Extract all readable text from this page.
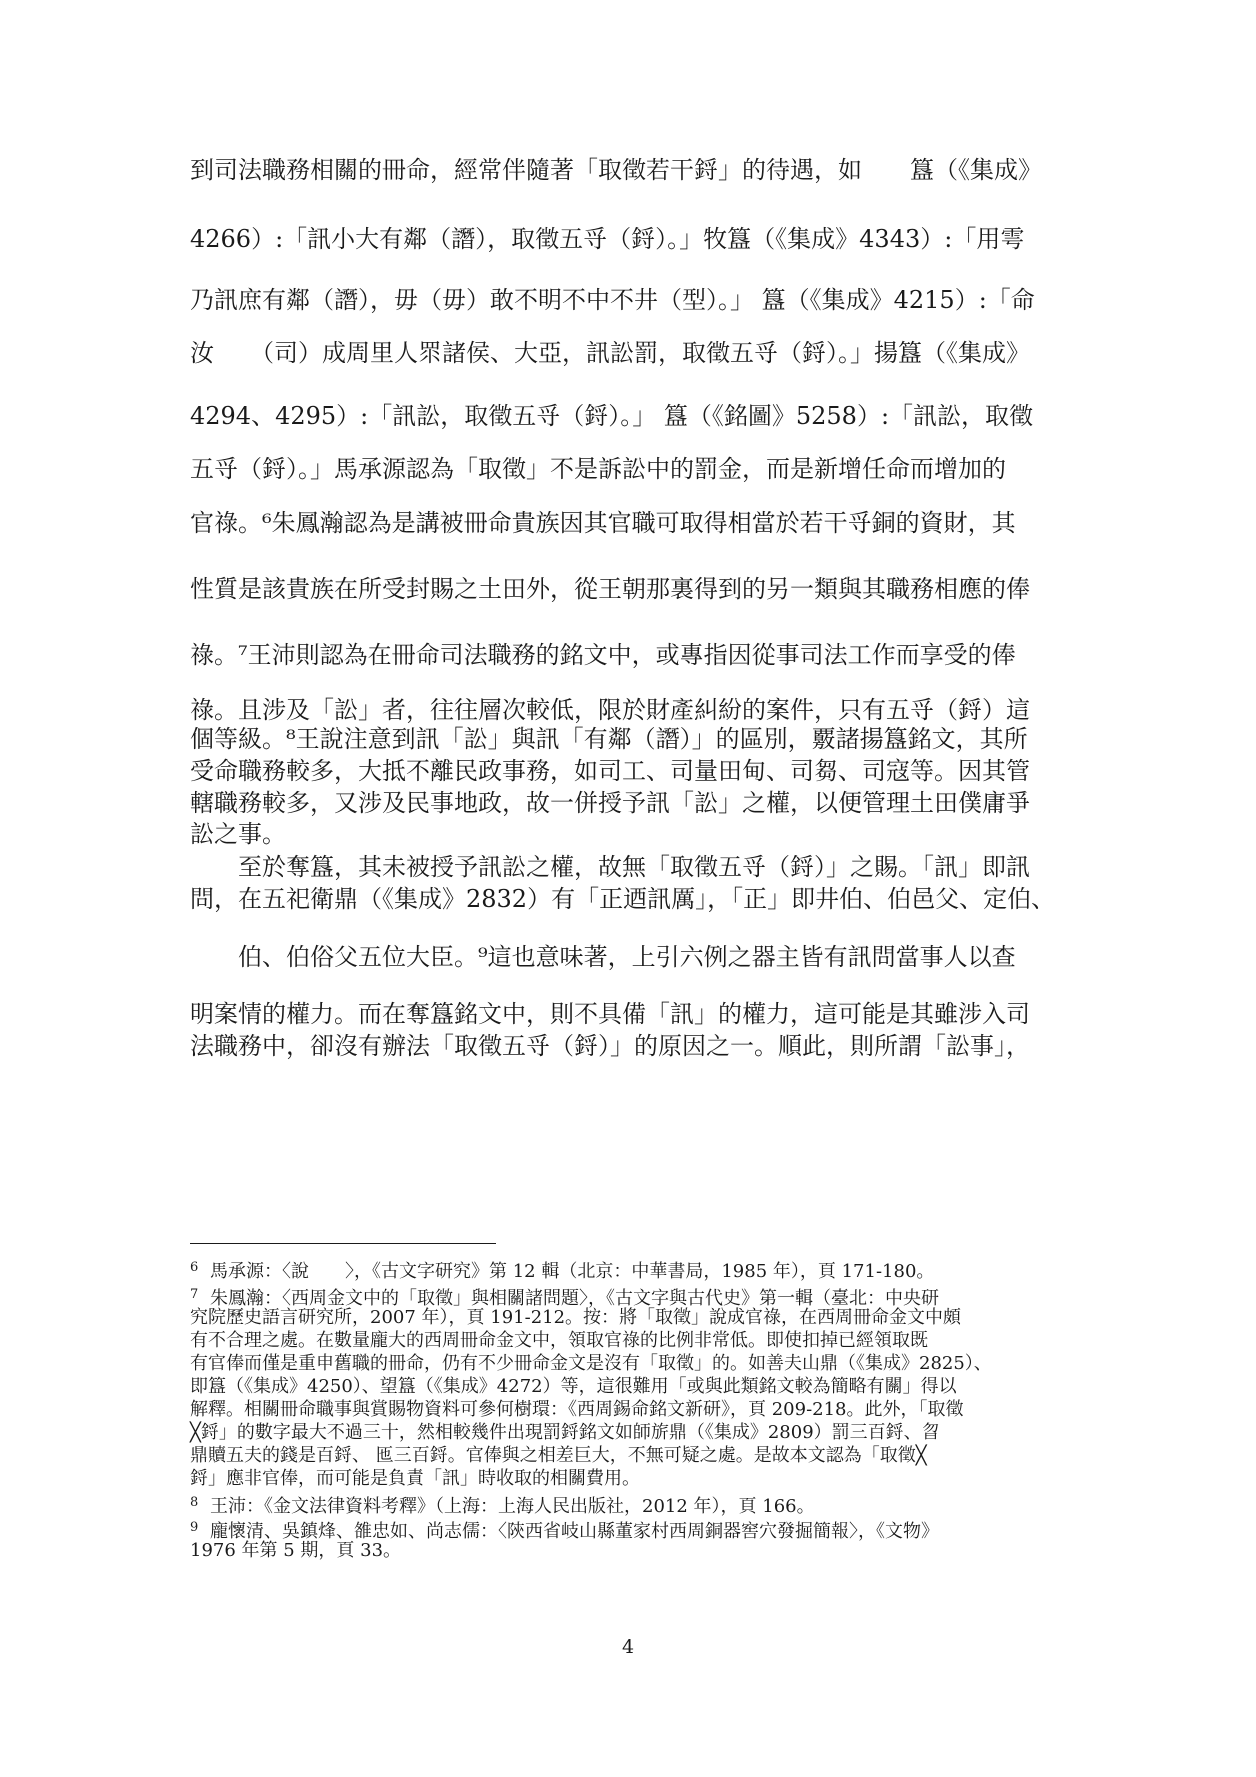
到司法職務相關的冊命，經常伴隨著「取徵若干鋝」的待遇，如　　簋（《集成》
4266）:「訊小大有鄰（譖），取徵五寽（鋝）。」牧簋（《集成》4343）:「用雩
乃訊庶有鄰（譖），毋（毋）敢不明不中不井（型）。」 簋（《集成》4215）:「命
汝　　（司）成周里人眔諸侯、大亞，訊訟罰，取徵五寽（鋝）。」揚簋（《集成》
4294、4295）:「訊訟，取徵五寽（鋝）。」 簋（《銘圖》5258）:「訊訟，取徵
五寽（鋝）。」馬承源認為「取徵」不是訴訟中的罰金，而是新增任命而增加的
官祿。⁶朱鳳瀚認為是講被冊命貴族因其官職可取得相當於若干寽銅的資財，其
性質是該貴族在所受封賜之土田外，從王朝那裏得到的另一類與其職務相應的俸
祿。⁷王沛則認為在冊命司法職務的銘文中，或專指因從事司法工作而享受的俸
祿。且涉及「訟」者，往往層次較低，限於財產糾紛的案件，只有五寽（鋝）這
個等級。⁸王說注意到訊「訟」與訊「有鄰（譖）」的區別，覈諸揚簋銘文，其所
受命職務較多，大抵不離民政事務，如司工、司量田甸、司芻、司寇等。因其管
轄職務較多，又涉及民事地政，故一併授予訊「訟」之權，以便管理土田僕庸爭
訟之事。
　　至於奪簋，其未被授予訊訟之權，故無「取徵五寽（鋝）」之賜。「訊」即訊
問，在五祀衛鼎（《集成》2832）有「正迺訊厲」，「正」即井伯、伯邑父、定伯、
　　伯、伯俗父五位大臣。⁹這也意味著，上引六例之器主皆有訊問當事人以查
明案情的權力。而在奪簋銘文中，則不具備「訊」的權力，這可能是其雖涉入司
法職務中，卻沒有辦法「取徵五寽（鋝）」的原因之一。順此，則所謂「訟事」，
6 馬承源：〈說　　〉，《古文字研究》第 12 輯（北京：中華書局，1985 年），頁 171-180。
7 朱鳳瀚：〈西周金文中的「取徵」與相關諸問題〉，《古文字與古代史》第一輯（臺北：中央研
究院歷史語言研究所，2007 年），頁 191-212。按：將「取徵」說成官祿，在西周冊命金文中頗
有不合理之處。在數量龐大的西周冊命金文中，領取官祿的比例非常低。即使扣掉已經領取既
有官俸而僅是重申舊職的冊命，仍有不少冊命金文是沒有「取徵」的。如善夫山鼎（《集成》2825）、
即簋（《集成》4250）、望簋（《集成》4272）等，這很難用「或與此類銘文較為簡略有關」得以
解釋。相關冊命職事與賞賜物資料可參何樹環：《西周錫命銘文新研》，頁 209-218。此外，「取徵
╳鋝」的數字最大不過三十，然相較幾件出現罰鋝銘文如師旂鼎（《集成》2809）罰三百鋝、曶
鼎贖五夫的錢是百鋝、 匜三百鋝。官俸與之相差巨大，不無可疑之處。是故本文認為「取徵╳
鋝」應非官俸，而可能是負責「訊」時收取的相關費用。
8 王沛：《金文法律資料考釋》（上海：上海人民出版社，2012 年），頁 166。
9 龐懷清、吳鎮烽、雒忠如、尚志儒：〈陝西省岐山縣董家村西周銅器窖穴發掘簡報〉，《文物》
1976 年第 5 期，頁 33。
4
